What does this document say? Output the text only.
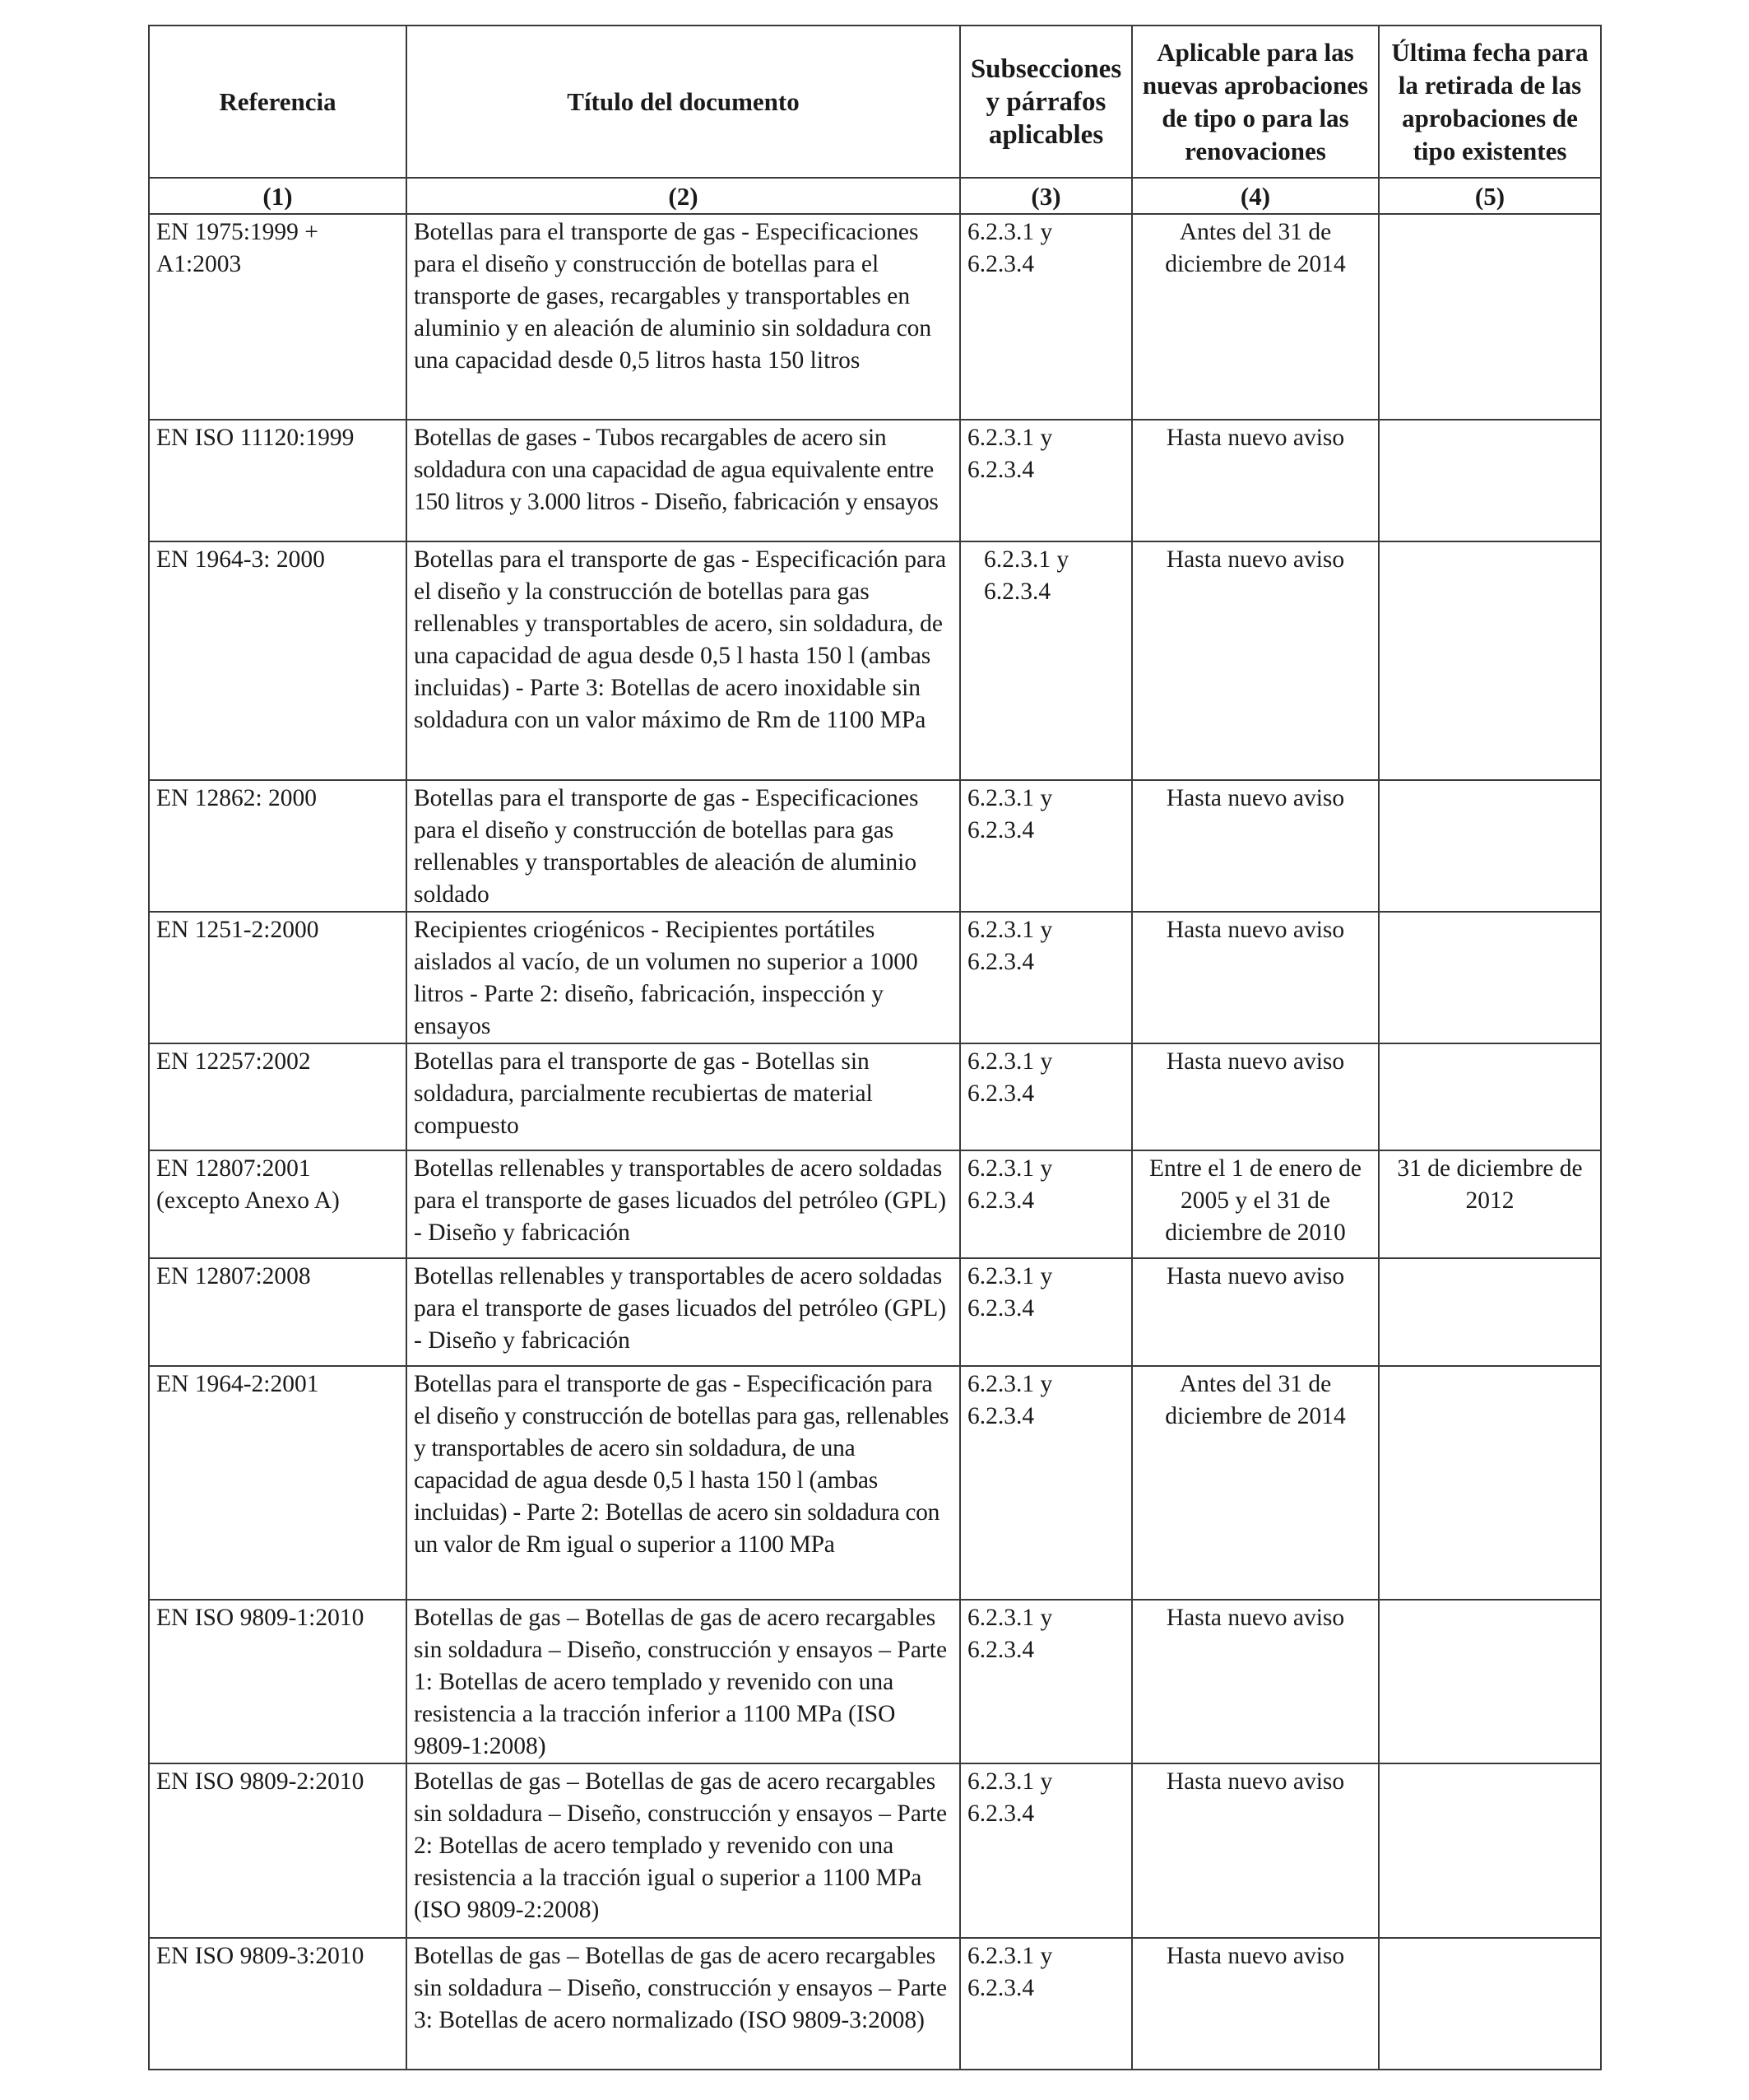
Referencia	Título del documento	Subsecciones y párrafos aplicables	Aplicable para las nuevas aprobaciones de tipo o para las renovaciones	Última fecha para la retirada de las aprobaciones de tipo existentes
(1)	(2)	(3)	(4)	(5)
EN 1975:1999 + A1:2003	Botellas para el transporte de gas - Especificaciones para el diseño y construcción de botellas para el transporte de gases, recargables y transportables en aluminio y en aleación de aluminio sin soldadura con una capacidad desde 0,5 litros hasta 150 litros	6.2.3.1 y 6.2.3.4	Antes del 31 de diciembre de 2014	
EN ISO 11120:1999	Botellas de gases - Tubos recargables de acero sin soldadura con una capacidad de agua equivalente entre 150 litros y 3.000 litros - Diseño, fabricación y ensayos	6.2.3.1 y 6.2.3.4	Hasta nuevo aviso	
EN 1964-3: 2000	Botellas para el transporte de gas - Especificación para el diseño y la construcción de botellas para gas rellenables y transportables de acero, sin soldadura, de una capacidad de agua desde 0,5 l hasta 150 l (ambas incluidas) - Parte 3: Botellas de acero inoxidable sin soldadura con un valor máximo de Rm de 1100 MPa	6.2.3.1 y 6.2.3.4	Hasta nuevo aviso	
EN 12862: 2000	Botellas para el transporte de gas - Especificaciones para el diseño y construcción de botellas para gas rellenables y transportables de aleación de aluminio soldado	6.2.3.1 y 6.2.3.4	Hasta nuevo aviso	
EN 1251-2:2000	Recipientes criogénicos - Recipientes portátiles aislados al vacío, de un volumen no superior a 1000 litros - Parte 2: diseño, fabricación, inspección y ensayos	6.2.3.1 y 6.2.3.4	Hasta nuevo aviso	
EN 12257:2002	Botellas para el transporte de gas - Botellas sin soldadura, parcialmente recubiertas de material compuesto	6.2.3.1 y 6.2.3.4	Hasta nuevo aviso	
EN 12807:2001 (excepto Anexo A)	Botellas rellenables y transportables de acero soldadas para el transporte de gases licuados del petróleo (GPL) - Diseño y fabricación	6.2.3.1 y 6.2.3.4	Entre el 1 de enero de 2005 y el 31 de diciembre de 2010	31 de diciembre de 2012
EN 12807:2008	Botellas rellenables y transportables de acero soldadas para el transporte de gases licuados del petróleo (GPL) - Diseño y fabricación	6.2.3.1 y 6.2.3.4	Hasta nuevo aviso	
EN 1964-2:2001	Botellas para el transporte de gas - Especificación para el diseño y construcción de botellas para gas, rellenables y transportables de acero sin soldadura, de una capacidad de agua desde 0,5 l hasta 150 l (ambas incluidas) - Parte 2: Botellas de acero sin soldadura con un valor de Rm igual o superior a 1100 MPa	6.2.3.1 y 6.2.3.4	Antes del 31 de diciembre de 2014	
EN ISO 9809-1:2010	Botellas de gas – Botellas de gas de acero recargables sin soldadura – Diseño, construcción y ensayos – Parte 1: Botellas de acero templado y revenido con una resistencia a la tracción inferior a 1100 MPa (ISO 9809-1:2008)	6.2.3.1 y 6.2.3.4	Hasta nuevo aviso	
EN ISO 9809-2:2010	Botellas de gas – Botellas de gas de acero recargables sin soldadura – Diseño, construcción y ensayos – Parte 2: Botellas de acero templado y revenido con una resistencia a la tracción igual o superior a 1100 MPa (ISO 9809-2:2008)	6.2.3.1 y 6.2.3.4	Hasta nuevo aviso	
EN ISO 9809-3:2010	Botellas de gas – Botellas de gas de acero recargables sin soldadura – Diseño, construcción y ensayos – Parte 3: Botellas de acero normalizado (ISO 9809-3:2008)	6.2.3.1 y 6.2.3.4	Hasta nuevo aviso	
